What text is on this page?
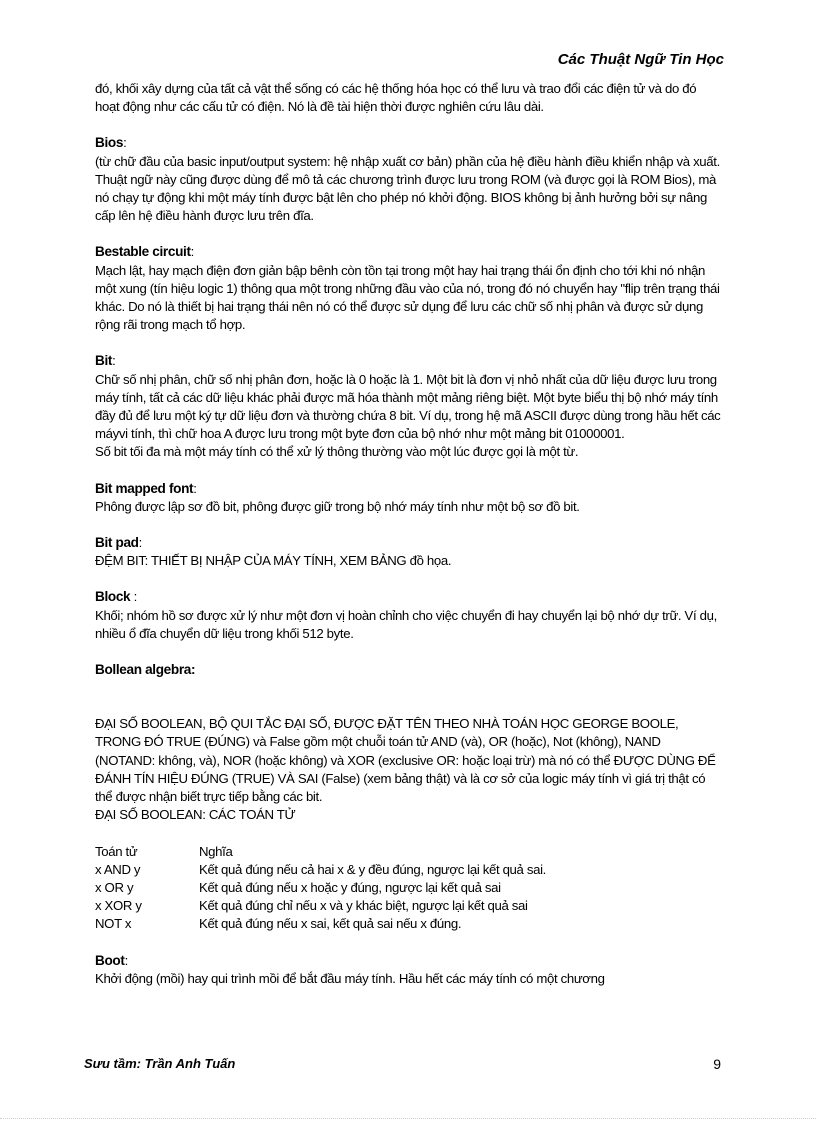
Các Thuật Ngữ Tin Học

đó, khối xây dựng của tất cả vật thể sống có các hệ thống hóa học có thể lưu và trao đổi các điện tử và do đó hoạt động như các cấu tử có điện. Nó là đề tài hiện thời được nghiên cứu lâu dài.

Bios:

(từ chữ đầu của basic input/output system: hệ nhập xuất cơ bản) phần của hệ điều hành điều khiển nhập và xuất. Thuật ngữ này cũng được dùng để mô tả các chương trình được lưu trong ROM (và được gọi là ROM Bios), mà nó chạy tự động khi một máy tính được bật lên cho phép nó khởi động. BIOS không bị ảnh hưởng bởi sự nâng cấp lên hệ điều hành được lưu trên đĩa.

Bestable circuit:

Mạch lật, hay mạch điện đơn giản bập bênh còn tồn tại trong một hay hai trạng thái ổn định cho tới khi nó nhận một xung (tín hiệu logic 1) thông qua một trong những đầu vào của nó, trong đó nó chuyển hay "flip trên trạng thái khác. Do nó là thiết bị hai trạng thái nên nó có thể được sử dụng để lưu các chữ số nhị phân và được sử dụng rộng rãi trong mạch tổ hợp.

Bit:

Chữ số nhị phân, chữ số nhị phân đơn, hoặc là 0 hoặc là 1. Một bit là đơn vị nhỏ nhất của dữ liệu được lưu trong máy tính, tất cả các dữ liệu khác phải được mã hóa thành một mảng riêng biệt. Một byte biểu thị bộ nhớ máy tính đầy đủ để lưu một ký tự dữ liệu đơn và thường chứa 8 bit. Ví dụ, trong hệ mã ASCII được dùng trong hầu hết các máyvi tính, thì chữ hoa A được lưu trong một byte đơn của bộ nhớ như một mảng bit 01000001.

Số bit tối đa mà một máy tính có thể xử lý thông thường vào một lúc được gọi là một từ.

Bit mapped font:

Phông được lập sơ đồ bit, phông được giữ trong bộ nhớ máy tính như một bộ sơ đồ bit.

Bit pad:

ĐỆM BIT: THIẾT BỊ NHẬP CỦA MÁY TÍNH, XEM BẢNG đồ họa.

Block :

Khối; nhóm hồ sơ được xử lý như một đơn vị hoàn chỉnh cho việc chuyển đi hay chuyển lại bộ nhớ dự trữ. Ví dụ, nhiều ổ đĩa chuyển dữ liệu trong khối 512 byte.

Bollean algebra:

ĐẠI SỐ BOOLEAN, BỘ QUI TẮC ĐẠI SỐ, ĐƯỢC ĐẶT TÊN THEO NHÀ TOÁN HỌC GEORGE BOOLE, TRONG ĐÓ TRUE (ĐÚNG) và False gồm một chuỗi toán tử AND (và), OR (hoặc), Not (không), NAND (NOTAND: không, và), NOR (hoặc không) và XOR (exclusive OR: hoặc loại trừ) mà nó có thể ĐƯỢC DÙNG ĐỂ ĐÁNH TÍN HIỆU ĐÚNG (TRUE) VÀ SAI (False) (xem bảng thật) và là cơ sở của logic máy tính vì giá trị thật có thể được nhận biết trực tiếp bằng các bit.

ĐẠI SỐ BOOLEAN: CÁC TOÁN TỬ

Toán tử	Nghĩa
x AND y	Kết quả đúng nếu cả hai x & y đều đúng, ngược lại kết quả sai.
x OR y	Kết quả đúng nếu x hoặc y đúng, ngược lại kết quả sai
x XOR y	Kết quả đúng chỉ nếu x và y khác biệt, ngược lại kết quả sai
NOT x	Kết quả đúng nếu x sai, kết quả sai nếu x đúng.

Boot:

Khởi động (mồi) hay qui trình mồi để bắt đầu máy tính. Hầu hết các máy tính có một chương

Sưu tầm: Trần Anh Tuấn	9
